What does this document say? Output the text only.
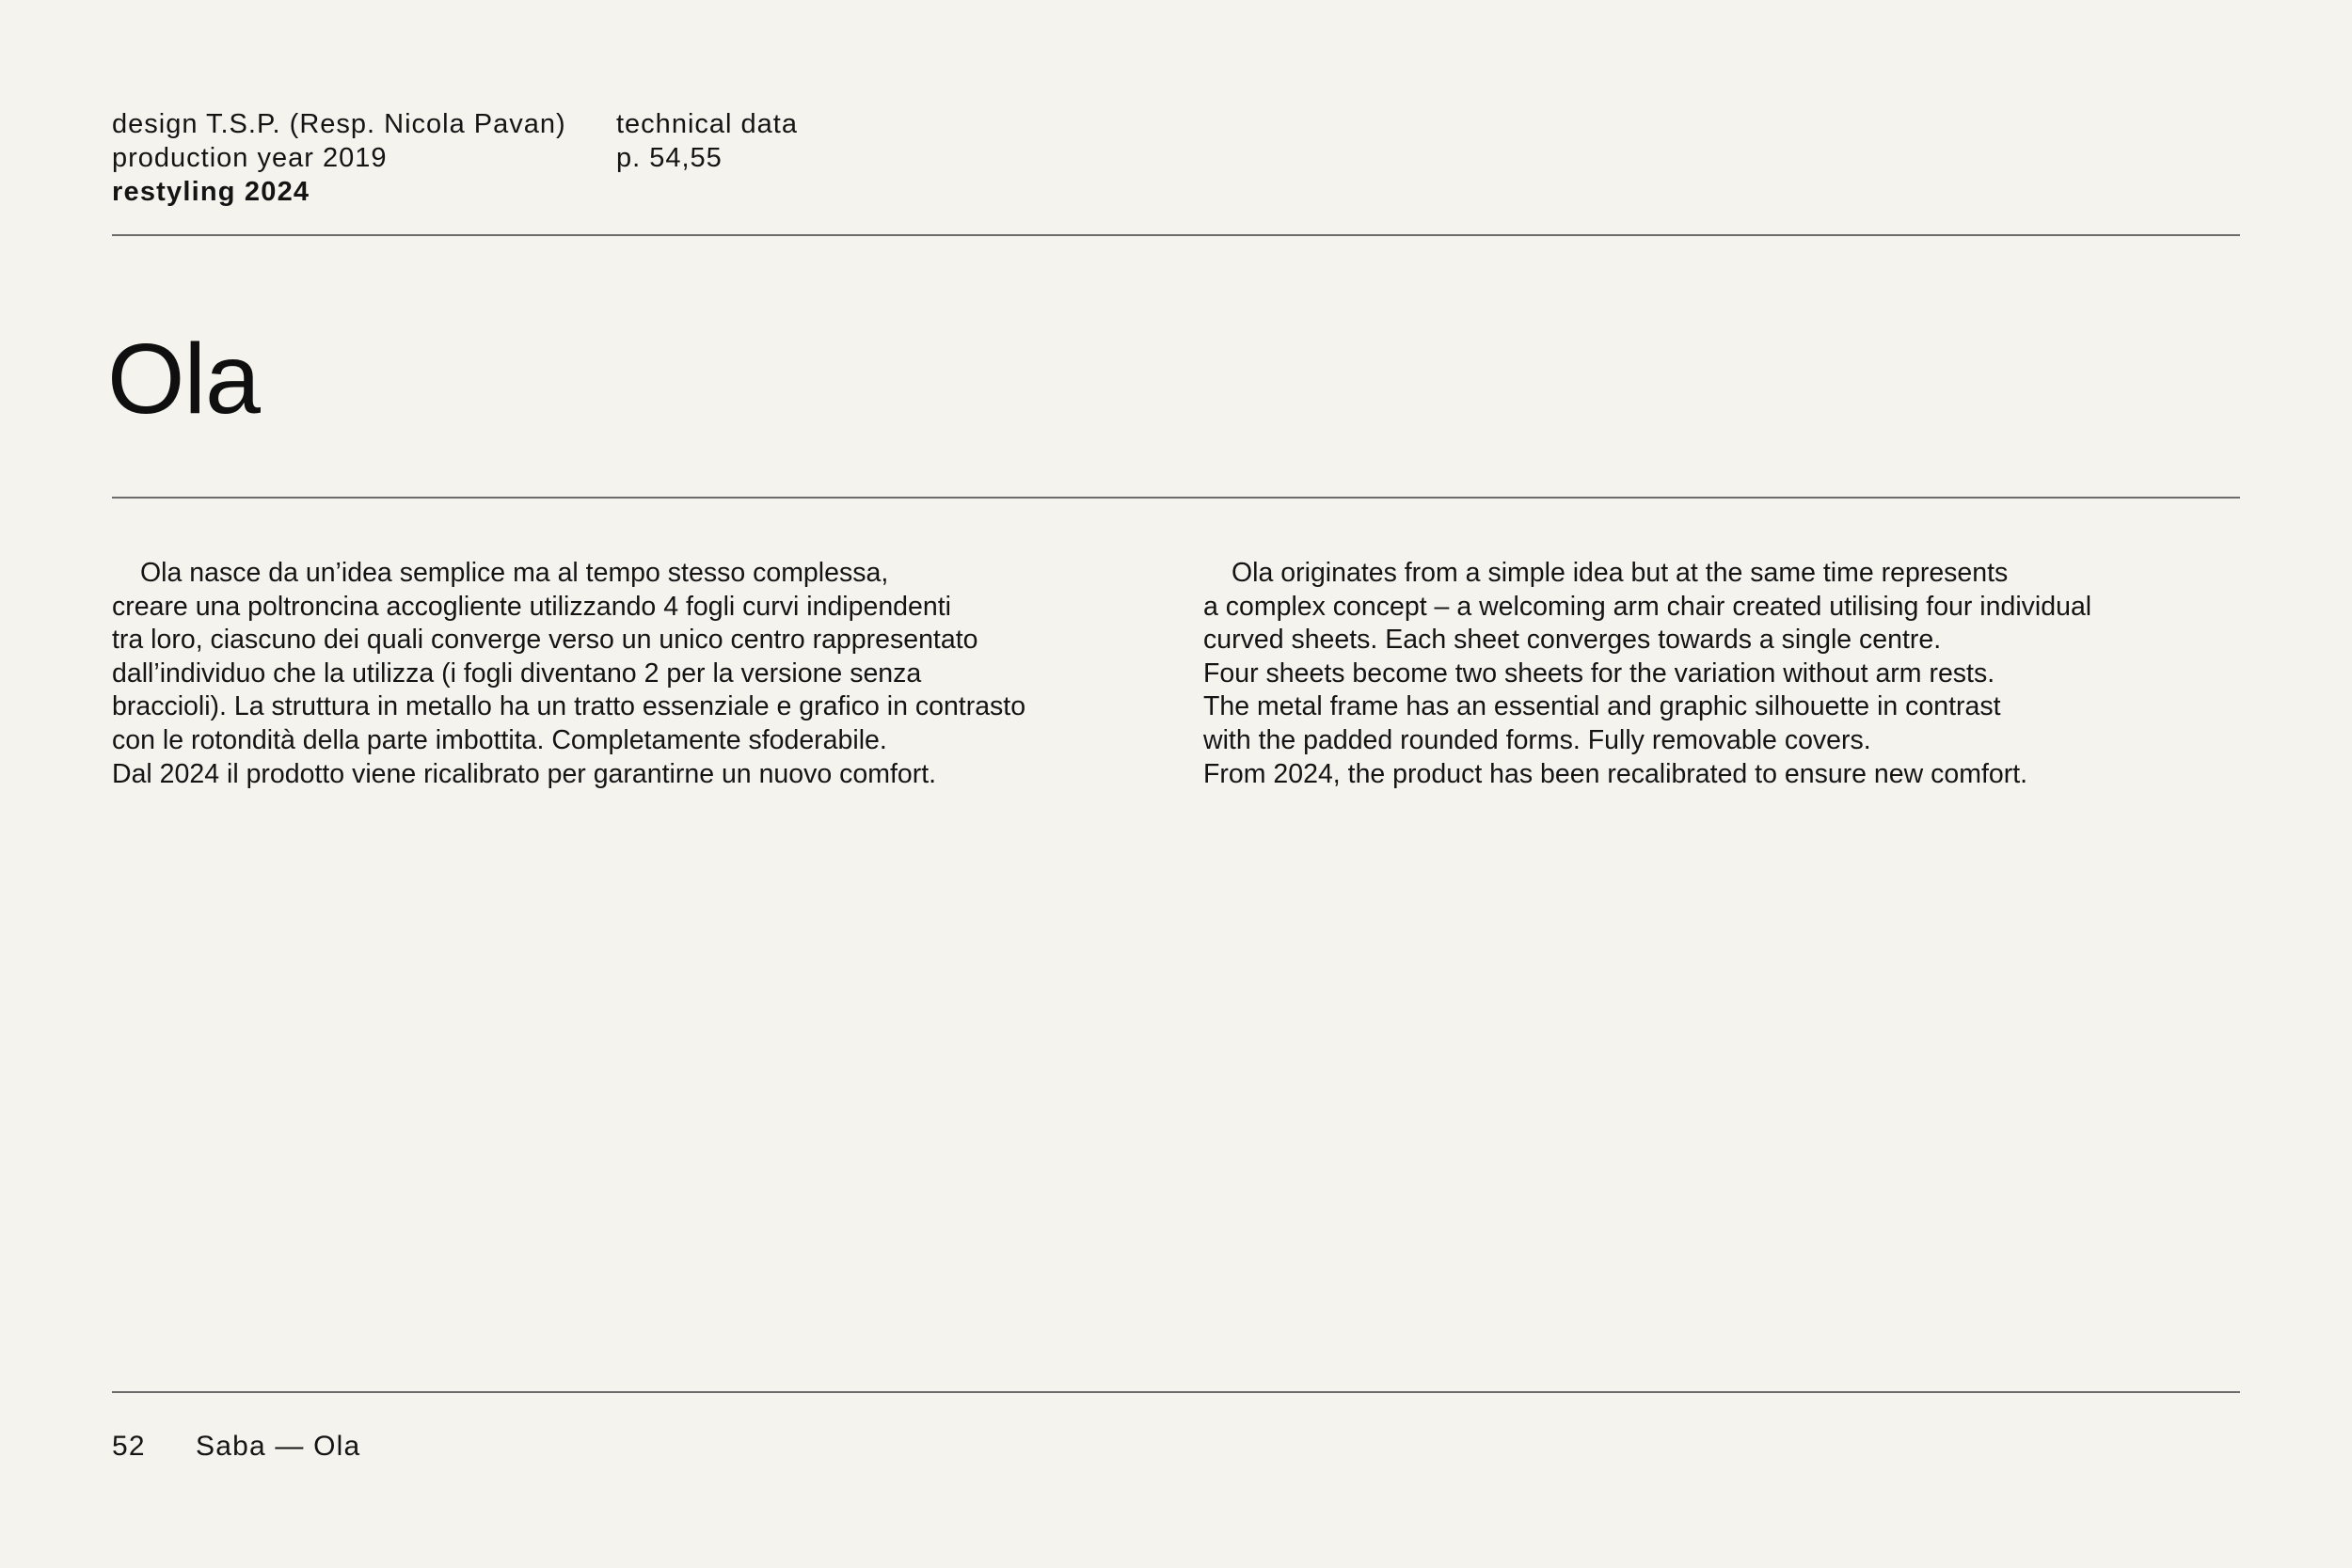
design T.S.P. (Resp. Nicola Pavan)
production year 2019
restyling 2024
technical data
p. 54,55
Ola
Ola nasce da un’idea semplice ma al tempo stesso complessa,
creare una poltroncina accogliente utilizzando 4 fogli curvi indipendenti
tra loro, ciascuno dei quali converge verso un unico centro rappresentato
dall’individuo che la utilizza (i fogli diventano 2 per la versione senza
braccioli). La struttura in metallo ha un tratto essenziale e grafico in contrasto
con le rotondità della parte imbottita. Completamente sfoderabile.
Dal 2024 il prodotto viene ricalibrato per garantirne un nuovo comfort.
Ola originates from a simple idea but at the same time represents
a complex concept – a welcoming arm chair created utilising four individual
curved sheets. Each sheet converges towards a single centre.
Four sheets become two sheets for the variation without arm rests.
The metal frame has an essential and graphic silhouette in contrast
with the padded rounded forms. Fully removable covers.
From 2024, the product has been recalibrated to ensure new comfort.
52 Saba — Ola
